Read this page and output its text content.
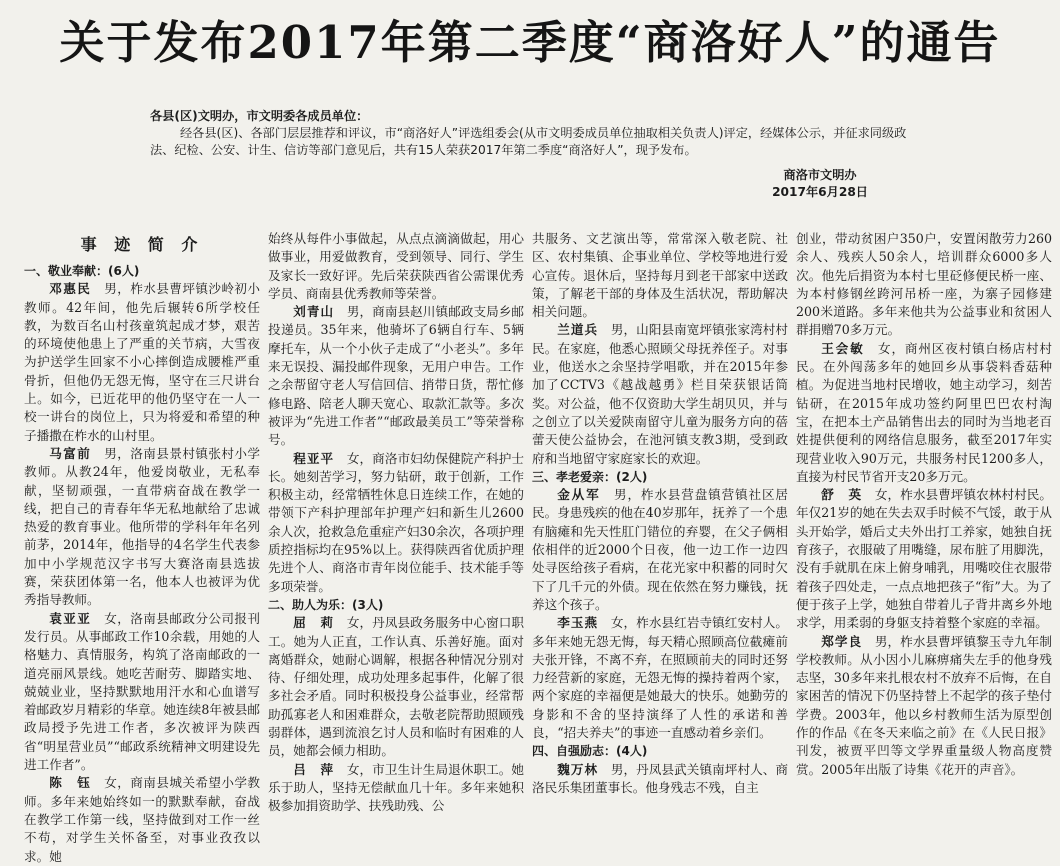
关于发布2017年第二季度“商洛好人”的通告

各县(区)文明办，市文明委各成员单位：

经各县(区)、各部门层层推荐和评议，市“商洛好人”评选组委会(从市文明委成员单位抽取相关负责人)评定，经媒体公示，并征求同级政法、纪检、公安、计生、信访等部门意见后，共有15人荣获2017年第二季度“商洛好人”，现予发布。

商洛市文明办
2017年6月28日
事 迹 简 介

一、敬业奉献：(6人)

邓惠民　 男，柞水县曹坪镇沙岭初小教师。42年间，他先后辗转6所学校任教，为数百名山村孩童筑起成才梦，艰苦的环境使他患上了严重的关节病，大雪夜为护送学生回家不小心摔倒造成腰椎严重骨折，但他仍无怨无悔，坚守在三尺讲台上。如今，已近花甲的他仍坚守在一人一校一讲台的岗位上，只为将爱和希望的种子播撒在柞水的山村里。

马富前　 男，洛南县景村镇张村小学教师。从教24年，他爱岗敬业，无私奉献，坚韧顽强，一直带病奋战在教学一线，把自己的青春年华无私地献给了忠诚热爱的教育事业。他所带的学科年年名列前茅，2014年，他指导的4名学生代表参加中小学规范汉字书写大赛洛南县选拔赛，荣获团体第一名，他本人也被评为优秀指导教师。

袁亚亚　 女，洛南县邮政分公司报刊发行员。从事邮政工作10余载，用她的人格魅力、真情服务，构筑了洛南邮政的一道亮丽风景线。她吃苦耐劳、脚踏实地、兢兢业业，坚持默默地用汗水和心血谱写着邮政岁月精彩的华章。她连续8年被县邮政局授予先进工作者，多次被评为陕西省“明星营业员”“邮政系统精神文明建设先进工作者”。

陈　钰　 女，商南县城关希望小学教师。多年来她始终如一的默默奉献，奋战在教学工作第一线，坚持做到对工作一丝不苟，对学生关怀备至，对事业孜孜以求。她

始终从每件小事做起，从点点滴滴做起，用心做事业，用爱做教育，受到领导、同行、学生及家长一致好评。先后荣获陕西省公需课优秀学员、商南县优秀教师等荣誉。

刘青山　 男，商南县赵川镇邮政支局乡邮投递员。35年来，他骑坏了6辆自行车、5辆摩托车，从一个小伙子走成了“小老头”。多年来无误投、漏投邮件现象，无用户申告。工作之余帮留守老人写信回信、捎带日货，帮忙修修电路、陪老人聊天宽心、取款汇款等。多次被评为“先进工作者”“邮政最美员工”等荣誉称号。

程亚平　 女，商洛市妇幼保健院产科护士长。她刻苦学习，努力钻研，敢于创新，工作积极主动，经常牺牲休息日连续工作，在她的带领下产科护理部年护理产妇和新生儿2600余人次，抢救急危重症产妇30余次，各项护理质控指标均在95%以上。获得陕西省优质护理先进个人、商洛市青年岗位能手、技术能手等多项荣誉。

二、助人为乐：(3人)

屈　莉　 女，丹凤县政务服务中心窗口职工。她为人正直，工作认真、乐善好施。面对离婚群众，她耐心调解，根据各种情况分别对待、仔细处理，成功处理多起事件，化解了很多社会矛盾。同时积极投身公益事业，经常帮助孤寡老人和困难群众，去敬老院帮助照顾残弱群体，遇到流浪乞讨人员和临时有困难的人员，她都会倾力相助。

吕　萍　 女，市卫生计生局退休职工。她乐于助人，坚持无偿献血几十年。多年来她积极参加捐资助学、扶残助残、公

共服务、文艺演出等，常常深入敬老院、社区、农村集镇、企事业单位、学校等地进行爱心宣传。退休后，坚持每月到老干部家中送政策，了解老干部的身体及生活状况，帮助解决相关问题。

兰道兵　 男，山阳县南宽坪镇张家湾村村民。在家庭，他悉心照顾父母抚养侄子。对事业，他送水之余坚持学唱歌，并在2015年参加了CCTV3《越战越勇》栏目荣获银话筒奖。对公益，他不仅资助大学生胡贝贝，并与之创立了以关爱陕南留守儿童为服务方向的蓓蕾天使公益协会，在池河镇支教3期，受到政府和当地留守家庭家长的欢迎。

三、孝老爱亲：(2人)

金从军　 男，柞水县营盘镇营镇社区居民。身患残疾的他在40岁那年，抚养了一个患有脑瘫和先天性肛门错位的弃婴，在父子俩相依相伴的近2000个日夜，他一边工作一边四处寻医给孩子看病，在花光家中积蓄的同时欠下了几千元的外债。现在依然在努力赚钱，抚养这个孩子。

李玉燕　 女，柞水县红岩寺镇红安村人。多年来她无怨无悔，每天精心照顾高位截瘫前夫张开锋，不离不弃，在照顾前夫的同时还努力经营新的家庭，无怨无悔的操持着两个家，两个家庭的幸福便是她最大的快乐。她勤劳的身影和不舍的坚持演绎了人性的承诺和善良，“招夫养夫”的事迹一直感动着乡亲们。

四、自强励志：(4人)

魏万林　 男，丹凤县武关镇南坪村人、商洛民乐集团董事长。他身残志不残，自主

创业，带动贫困户350户，安置闲散劳力260余人、残疾人50余人，培训群众6000多人次。他先后捐资为本村七里砭修便民桥一座、为本村修钢丝跨河吊桥一座，为寨子园修建200米道路。多年来他共为公益事业和贫困人群捐赠70多万元。

王会敏　 女，商州区夜村镇白杨店村村民。在外闯荡多年的她回乡从事袋料香菇种植。为促进当地村民增收，她主动学习，刻苦钻研，在2015年成功签约阿里巴巴农村淘宝，在把本土产品销售出去的同时为当地老百姓提供便利的网络信息服务，截至2017年实现营业收入90万元，共服务村民1200多人，直接为村民节省开支20多万元。

舒　英　 女，柞水县曹坪镇农林村村民。年仅21岁的她在失去双手时候不气馁，敢于从头开始学，婚后丈夫外出打工养家，她独自抚育孩子，衣服破了用嘴缝，尿布脏了用脚洗，没有手就肌在床上俯身哺乳，用嘴咬住衣服带着孩子四处走，一点点地把孩子“衔”大。为了便于孩子上学，她独自带着儿子背井离乡外地求学，用柔弱的身躯支持着整个家庭的幸福。

郑学良　 男，柞水县曹坪镇黎玉寺九年制学校教师。从小因小儿麻痹痛失左手的他身残志坚，30多年来扎根农村不放弃不后悔，在自家困苦的情况下仍坚持替上不起学的孩子垫付学费。2003年，他以乡村教师生活为原型创作的作品《在冬天来临之前》在《人民日报》刊发，被贾平凹等文学界重量级人物高度赞赏。2005年出版了诗集《花开的声音》。
